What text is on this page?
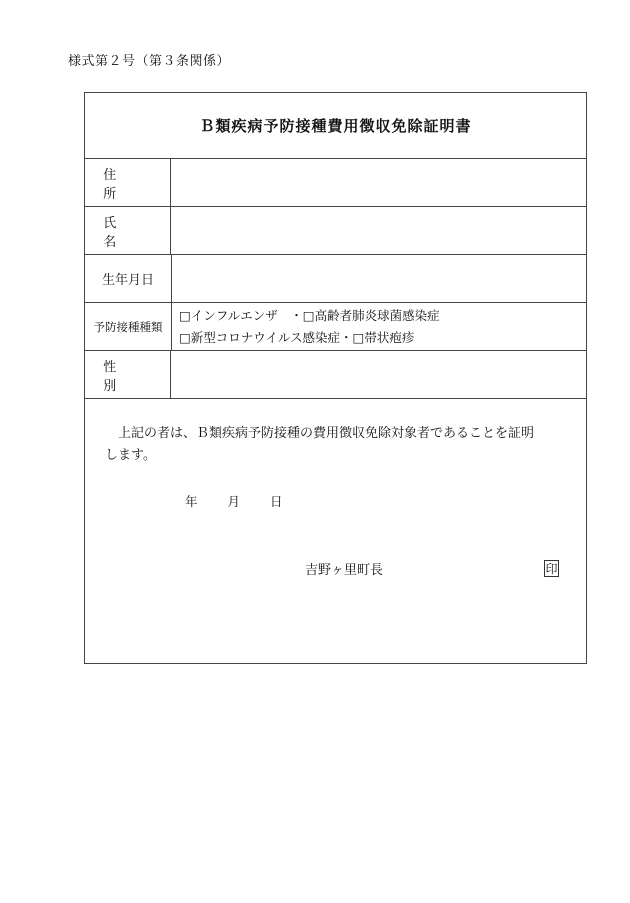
様式第２号（第３条関係）
Ｂ類疾病予防接種費用徴収免除証明書
住所
氏名
生年月日
予防接種種類
□インフルエンザ　・□高齢者肺炎球菌感染症
□新型コロナウイルス感染症・□帯状疱疹
性別
上記の者は、Ｂ類疾病予防接種の費用徴収免除対象者であることを証明します。
年 月 日
吉野ヶ里町長	印
